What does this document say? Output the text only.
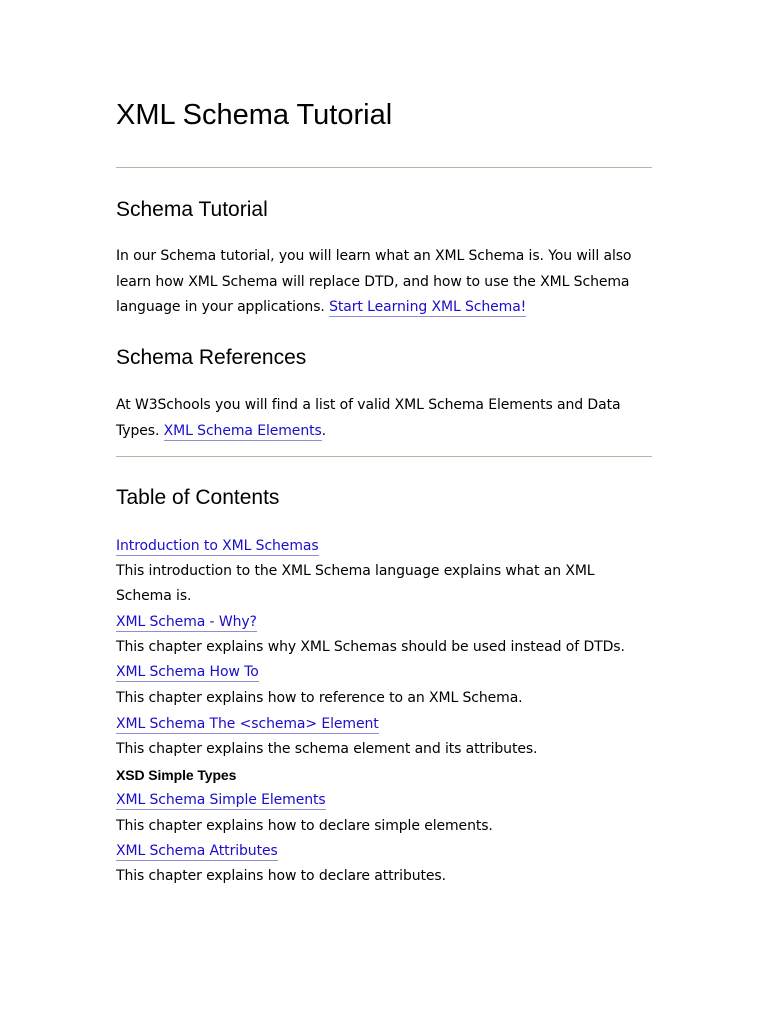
XML Schema Tutorial
Schema Tutorial

In our Schema tutorial, you will learn what an XML Schema is. You will also
learn how XML Schema will replace DTD, and how to use the XML Schema
language in your applications. Start Learning XML Schema!

Schema References

At W3Schools you will find a list of valid XML Schema Elements and Data
Types. XML Schema Elements.

Table of Contents
Introduction to XML Schemas
This introduction to the XML Schema language explains what an XML
Schema is.
XML Schema - Why?
This chapter explains why XML Schemas should be used instead of DTDs.
XML Schema How To
This chapter explains how to reference to an XML Schema.
XML Schema The <schema> Element
This chapter explains the schema element and its attributes.
XSD Simple Types
XML Schema Simple Elements
This chapter explains how to declare simple elements.
XML Schema Attributes
This chapter explains how to declare attributes.
